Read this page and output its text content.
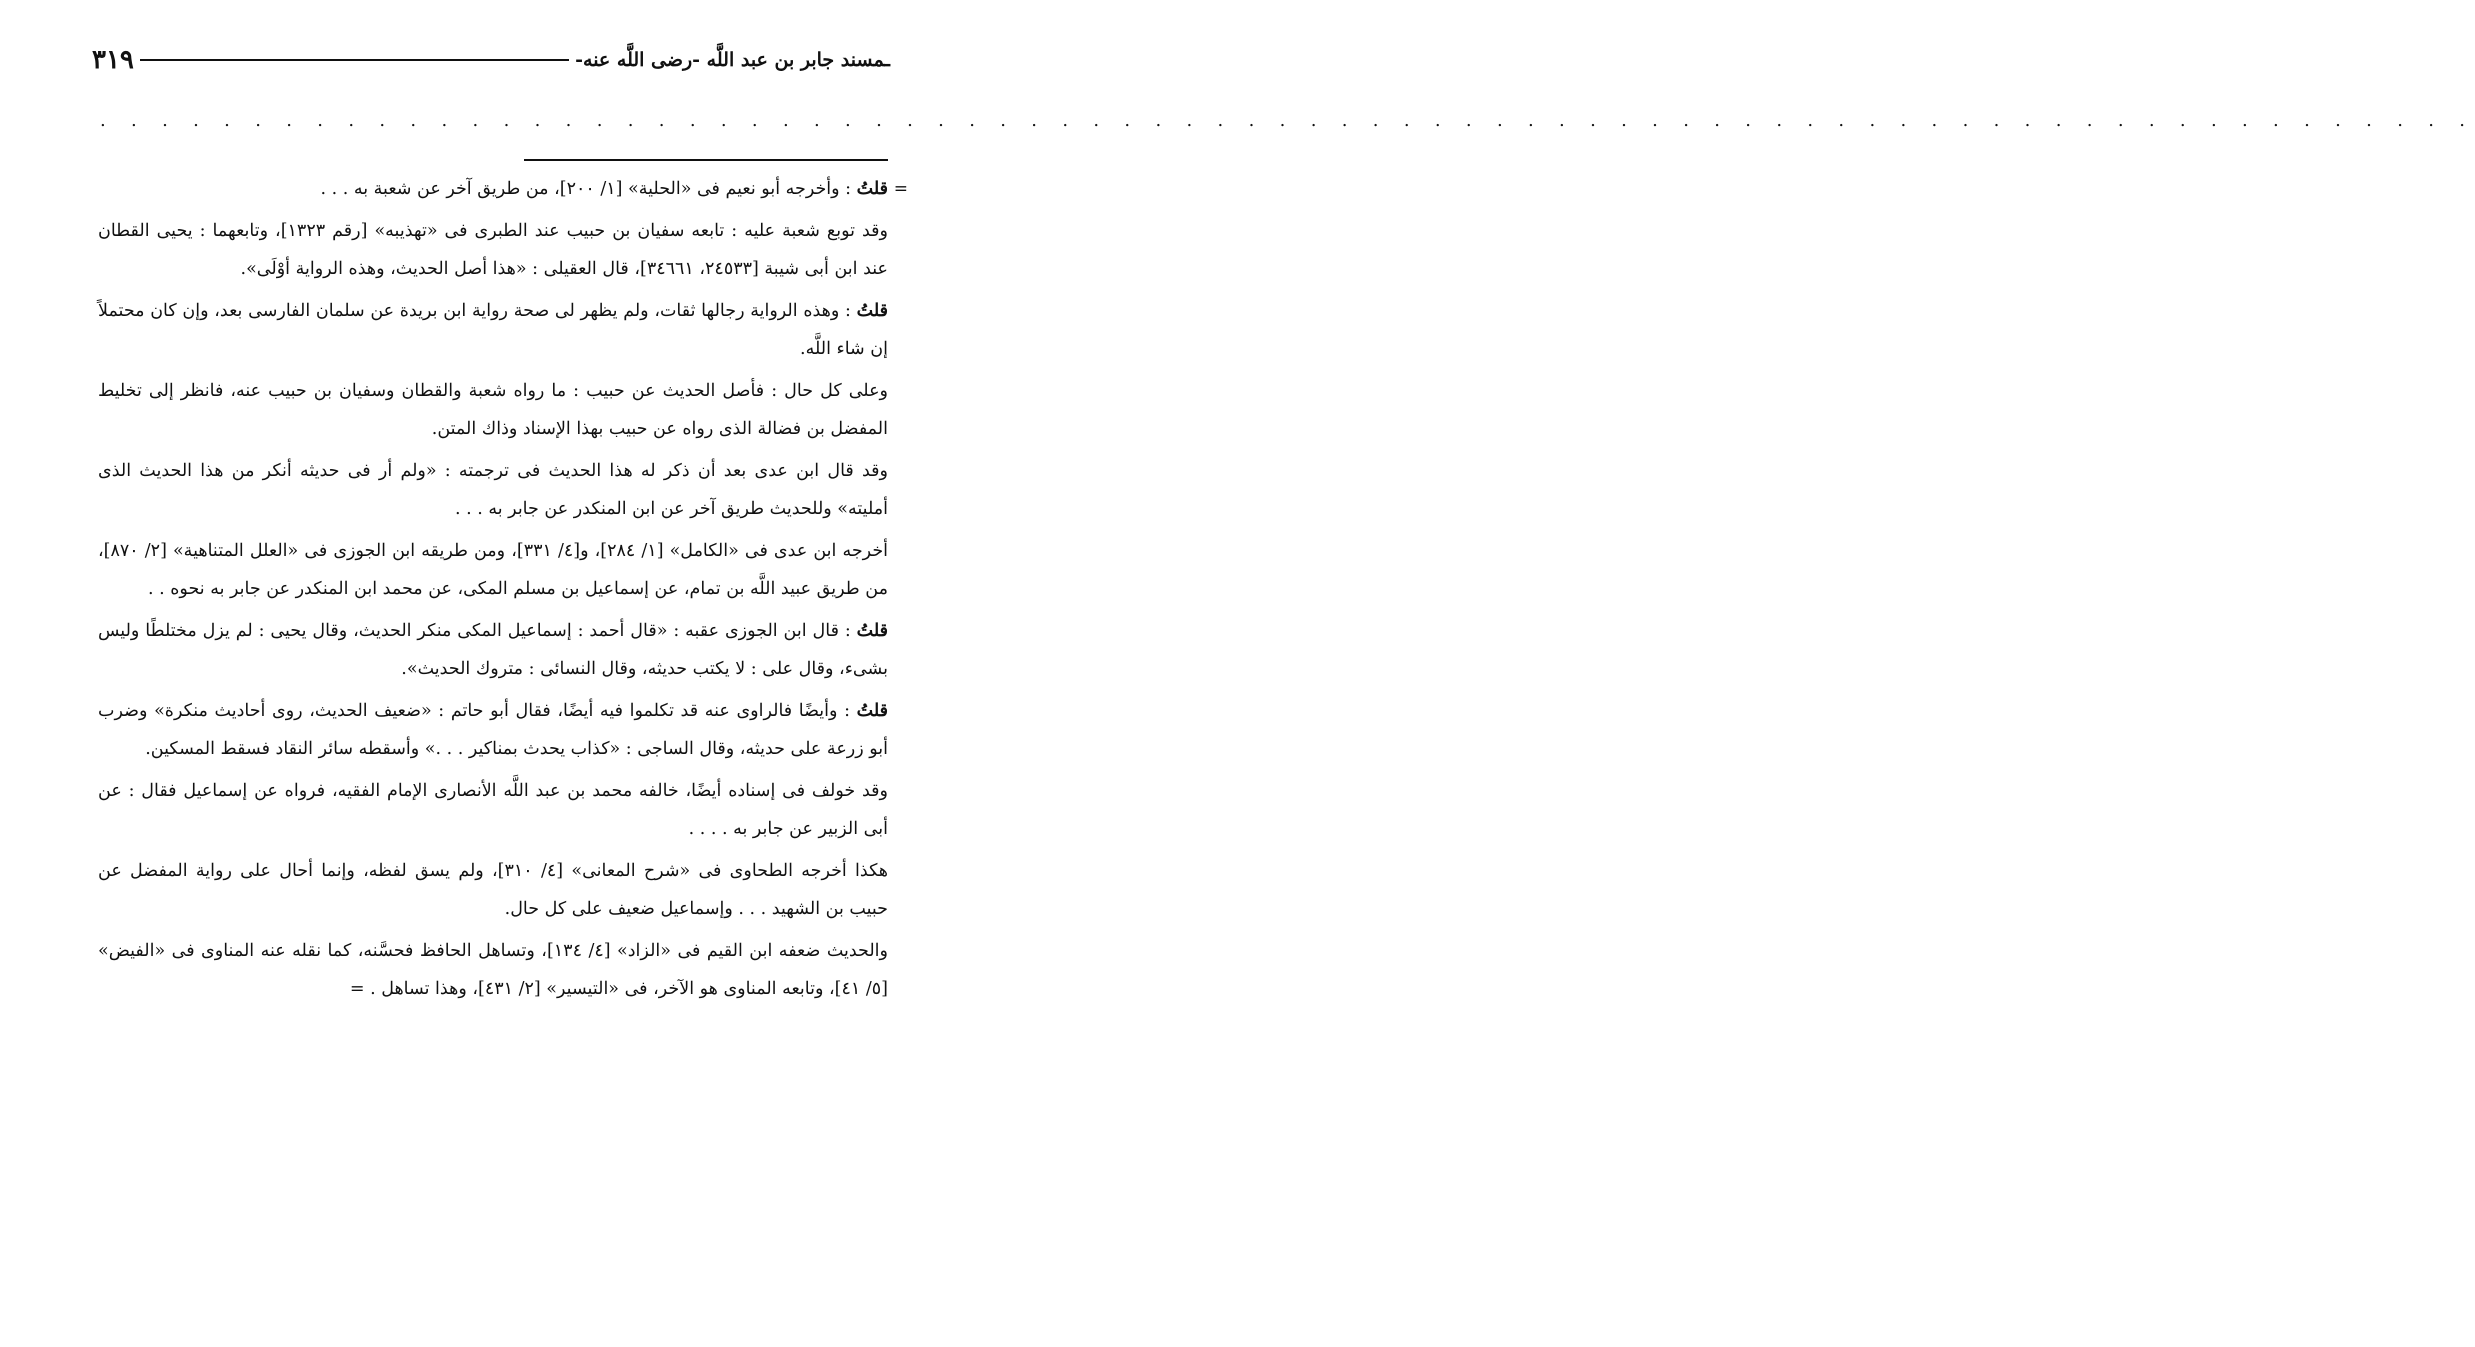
ـمسند جابر بن عبد اللَّه -رضى اللَّه عنه-
٣١٩
. . . . . . . . . . . . . . . . . . . . . . . . . . . . . . . . . . . . . . . . . . . . . . . . . . . . . . . . . . . . . . . . . . . . . . . . . . . . .

=
قلتُ : وأخرجه أبو نعيم فى «الحلية» [١/ ٢٠٠]، من طريق آخر عن شعبة به . . .

وقد توبع شعبة عليه : تابعه سفيان بن حبيب عند الطبرى فى «تهذيبه» [رقم ١٣٢٣]، وتابعهما : يحيى القطان عند ابن أبى شيبة [٢٤٥٣٣، ٣٤٦٦١]، قال العقيلى : «هذا أصل الحديث، وهذه الرواية أوْلَى».

قلتُ : وهذه الرواية رجالها ثقات، ولم يظهر لى صحة رواية ابن بريدة عن سلمان الفارسى بعد، وإن كان محتملاً إن شاء اللَّه.

وعلى كل حال : فأصل الحديث عن حبيب : ما رواه شعبة والقطان وسفيان بن حبيب عنه، فانظر إلى تخليط المفضل بن فضالة الذى رواه عن حبيب بهذا الإسناد وذاك المتن.

وقد قال ابن عدى بعد أن ذكر له هذا الحديث فى ترجمته : «ولم أر فى حديثه أنكر من هذا الحديث الذى أمليته» وللحديث طريق آخر عن ابن المنكدر عن جابر به . . .

أخرجه ابن عدى فى «الكامل» [١/ ٢٨٤]، و[٤/ ٣٣١]، ومن طريقه ابن الجوزى فى «العلل المتناهية» [٢/ ٨٧٠]، من طريق عبيد اللَّه بن تمام، عن إسماعيل بن مسلم المكى، عن محمد ابن المنكدر عن جابر به نحوه . .

قلتُ : قال ابن الجوزى عقبه : «قال أحمد : إسماعيل المكى منكر الحديث، وقال يحيى : لم يزل مختلطًا وليس بشىء، وقال على : لا يكتب حديثه، وقال النسائى : متروك الحديث».

قلتُ : وأيضًا فالراوى عنه قد تكلموا فيه أيضًا، فقال أبو حاتم : «ضعيف الحديث، روى أحاديث منكرة» وضرب أبو زرعة على حديثه، وقال الساجى : «كذاب يحدث بمناكير . . .» وأسقطه سائر النقاد فسقط المسكين.

وقد خولف فى إسناده أيضًا، خالفه محمد بن عبد اللَّه الأنصارى الإمام الفقيه، فرواه عن إسماعيل فقال : عن أبى الزبير عن جابر به . . . .

هكذا أخرجه الطحاوى فى «شرح المعانى» [٤/ ٣١٠]، ولم يسق لفظه، وإنما أحال على رواية المفضل عن حبيب بن الشهيد . . . وإسماعيل ضعيف على كل حال.

والحديث ضعفه ابن القيم فى «الزاد» [٤/ ١٣٤]، وتساهل الحافظ فحسَّنه، كما نقله عنه المناوى فى «الفيض» [٥/ ٤١]، وتابعه المناوى هو الآخر، فى «التيسير» [٢/ ٤٣١]، وهذا تساهل . =
